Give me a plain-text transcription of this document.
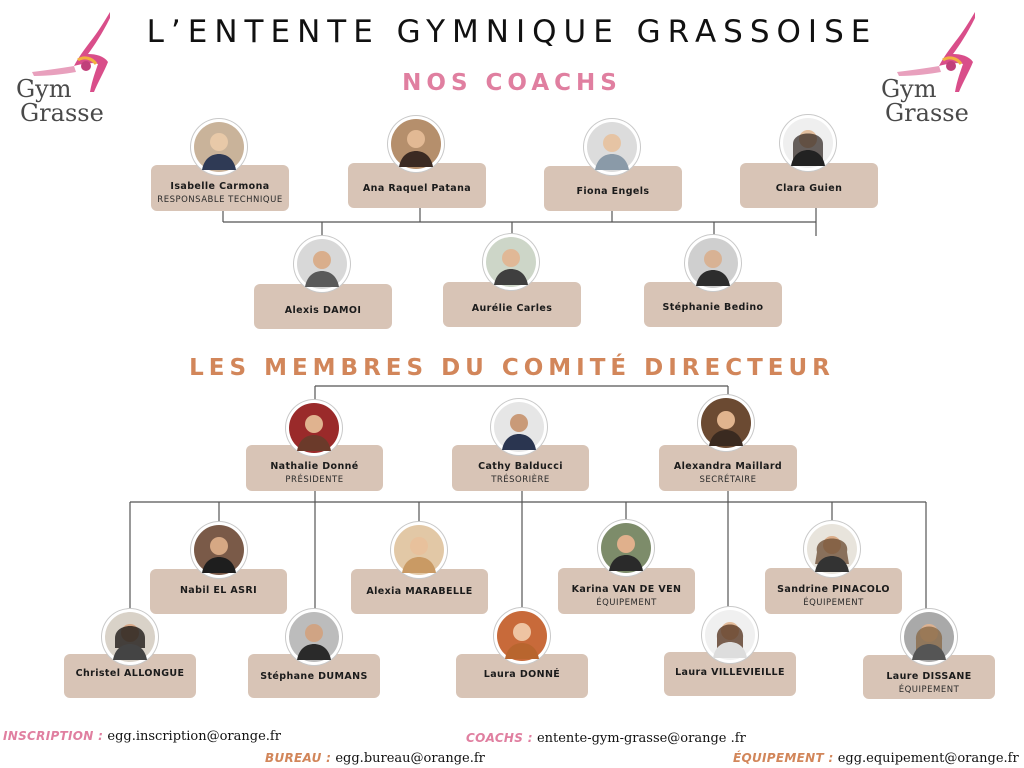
L’ENTENTE GYMNIQUE GRASSOISE
Gym
Grasse
Gym
Grasse
NOS COACHS
LES MEMBRES DU COMITÉ DIRECTEUR
Isabelle Carmona
RESPONSABLE TECHNIQUE
Ana Raquel Patana	Fiona Engels	Clara Guien
Alexis DAMOI	Aurélie Carles	Stéphanie Bedino
Nathalie Donné
PRÉSIDENTE
Cathy Balducci
TRÉSORIÈRE
Alexandra Maillard
SECRÉTAIRE
Nabil EL ASRI	Alexia MARABELLE	Karina VAN DE VEN
ÉQUIPEMENT
Sandrine PINACOLO
ÉQUIPEMENT
Christel ALLONGUE	Stéphane DUMANS	Laura DONNÉ	Laura VILLEVIEILLE	Laure DISSANE
ÉQUIPEMENT
INSCRIPTION : egg.inscription@orange.fr	COACHS : entente-gym-grasse@orange .fr
BUREAU : egg.bureau@orange.fr	ÉQUIPEMENT : egg.equipement@orange.fr
